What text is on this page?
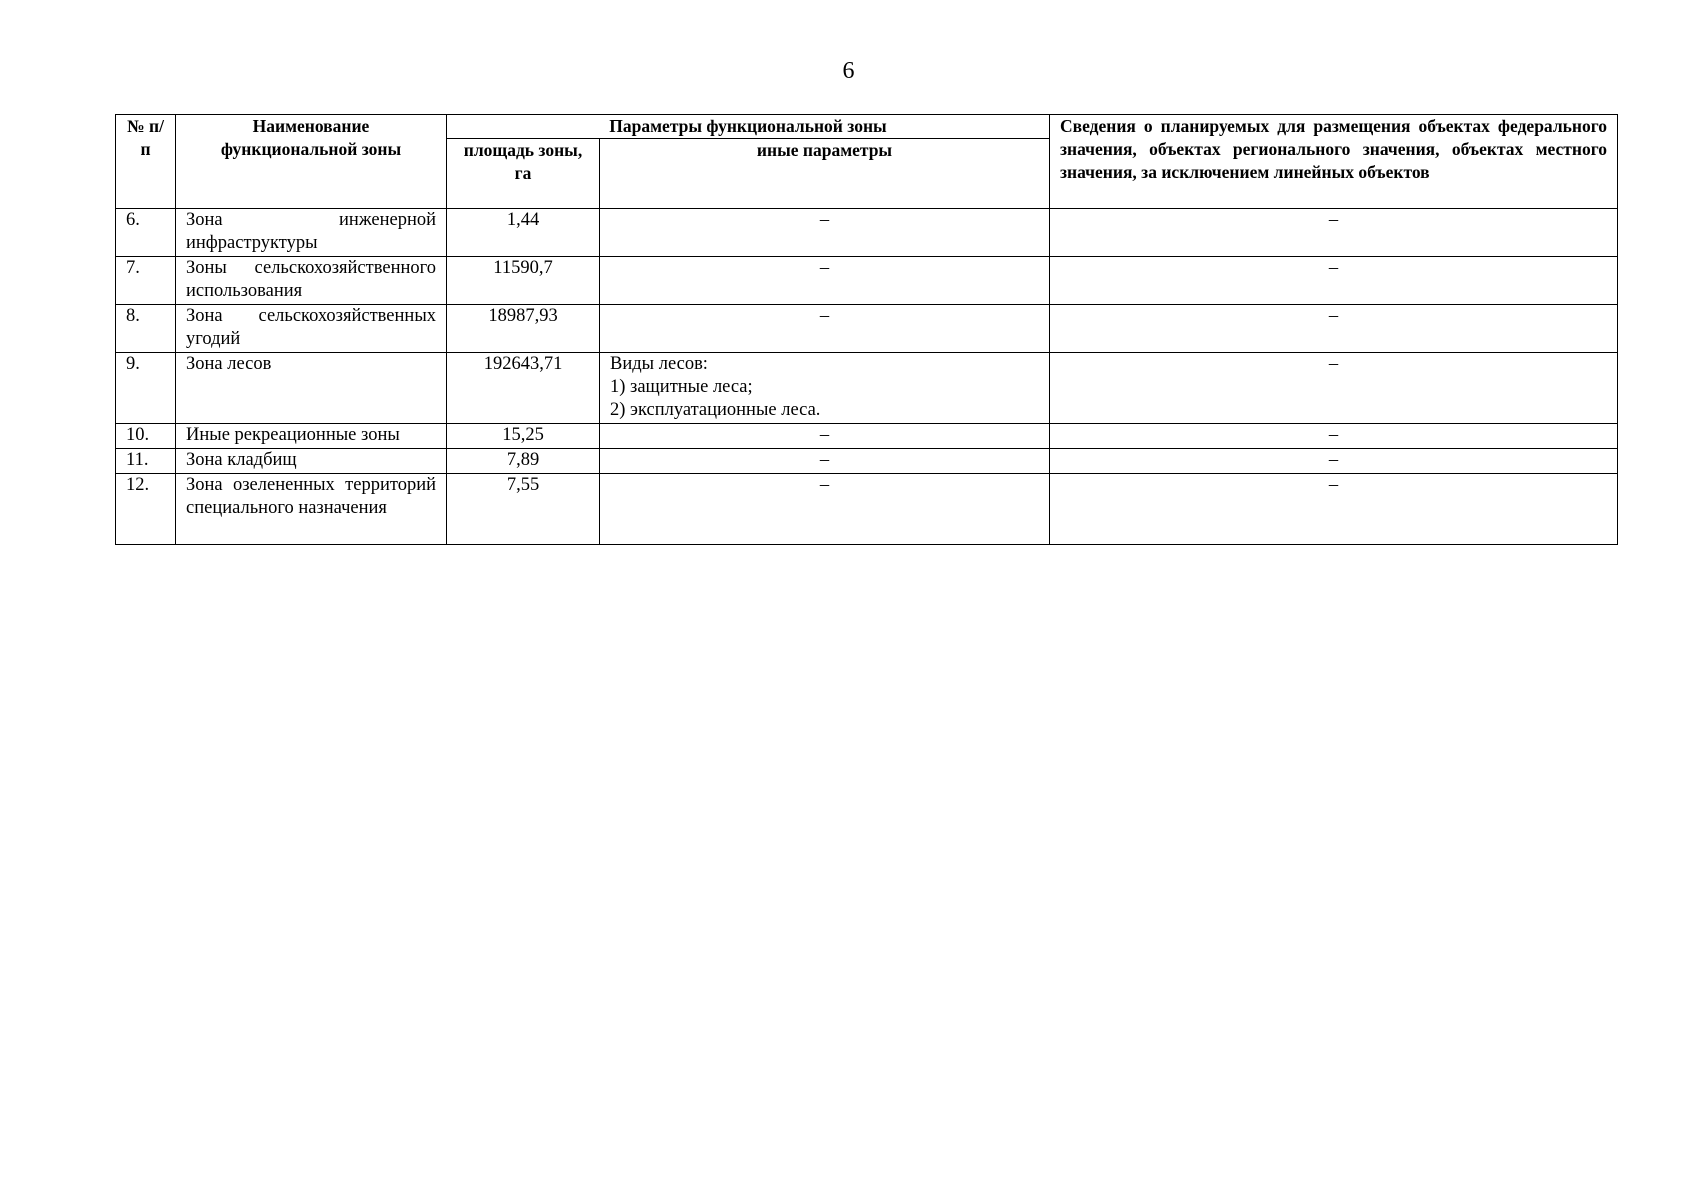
6
№ п/п	Наименование функциональной зоны	Параметры функциональной зоны		Сведения о планируемых для размещения объектах федерального значения, объектах регионального значения, объектах местного значения, за исключением линейных объектов
		площадь зоны, га	иные параметры	
6.	Зона инженерной инфраструктуры	1,44	–	–
7.	Зоны сельскохозяйственного использования	11590,7	–	–
8.	Зона сельскохозяйственных угодий	18987,93	–	–
9.	Зона лесов	192643,71	Виды лесов:
1) защитные леса;
2) эксплуатационные леса.	–
10.	Иные рекреационные зоны	15,25	–	–
11.	Зона кладбищ	7,89	–	–
12.	Зона озелененных территорий специального назначения	7,55	–	–
